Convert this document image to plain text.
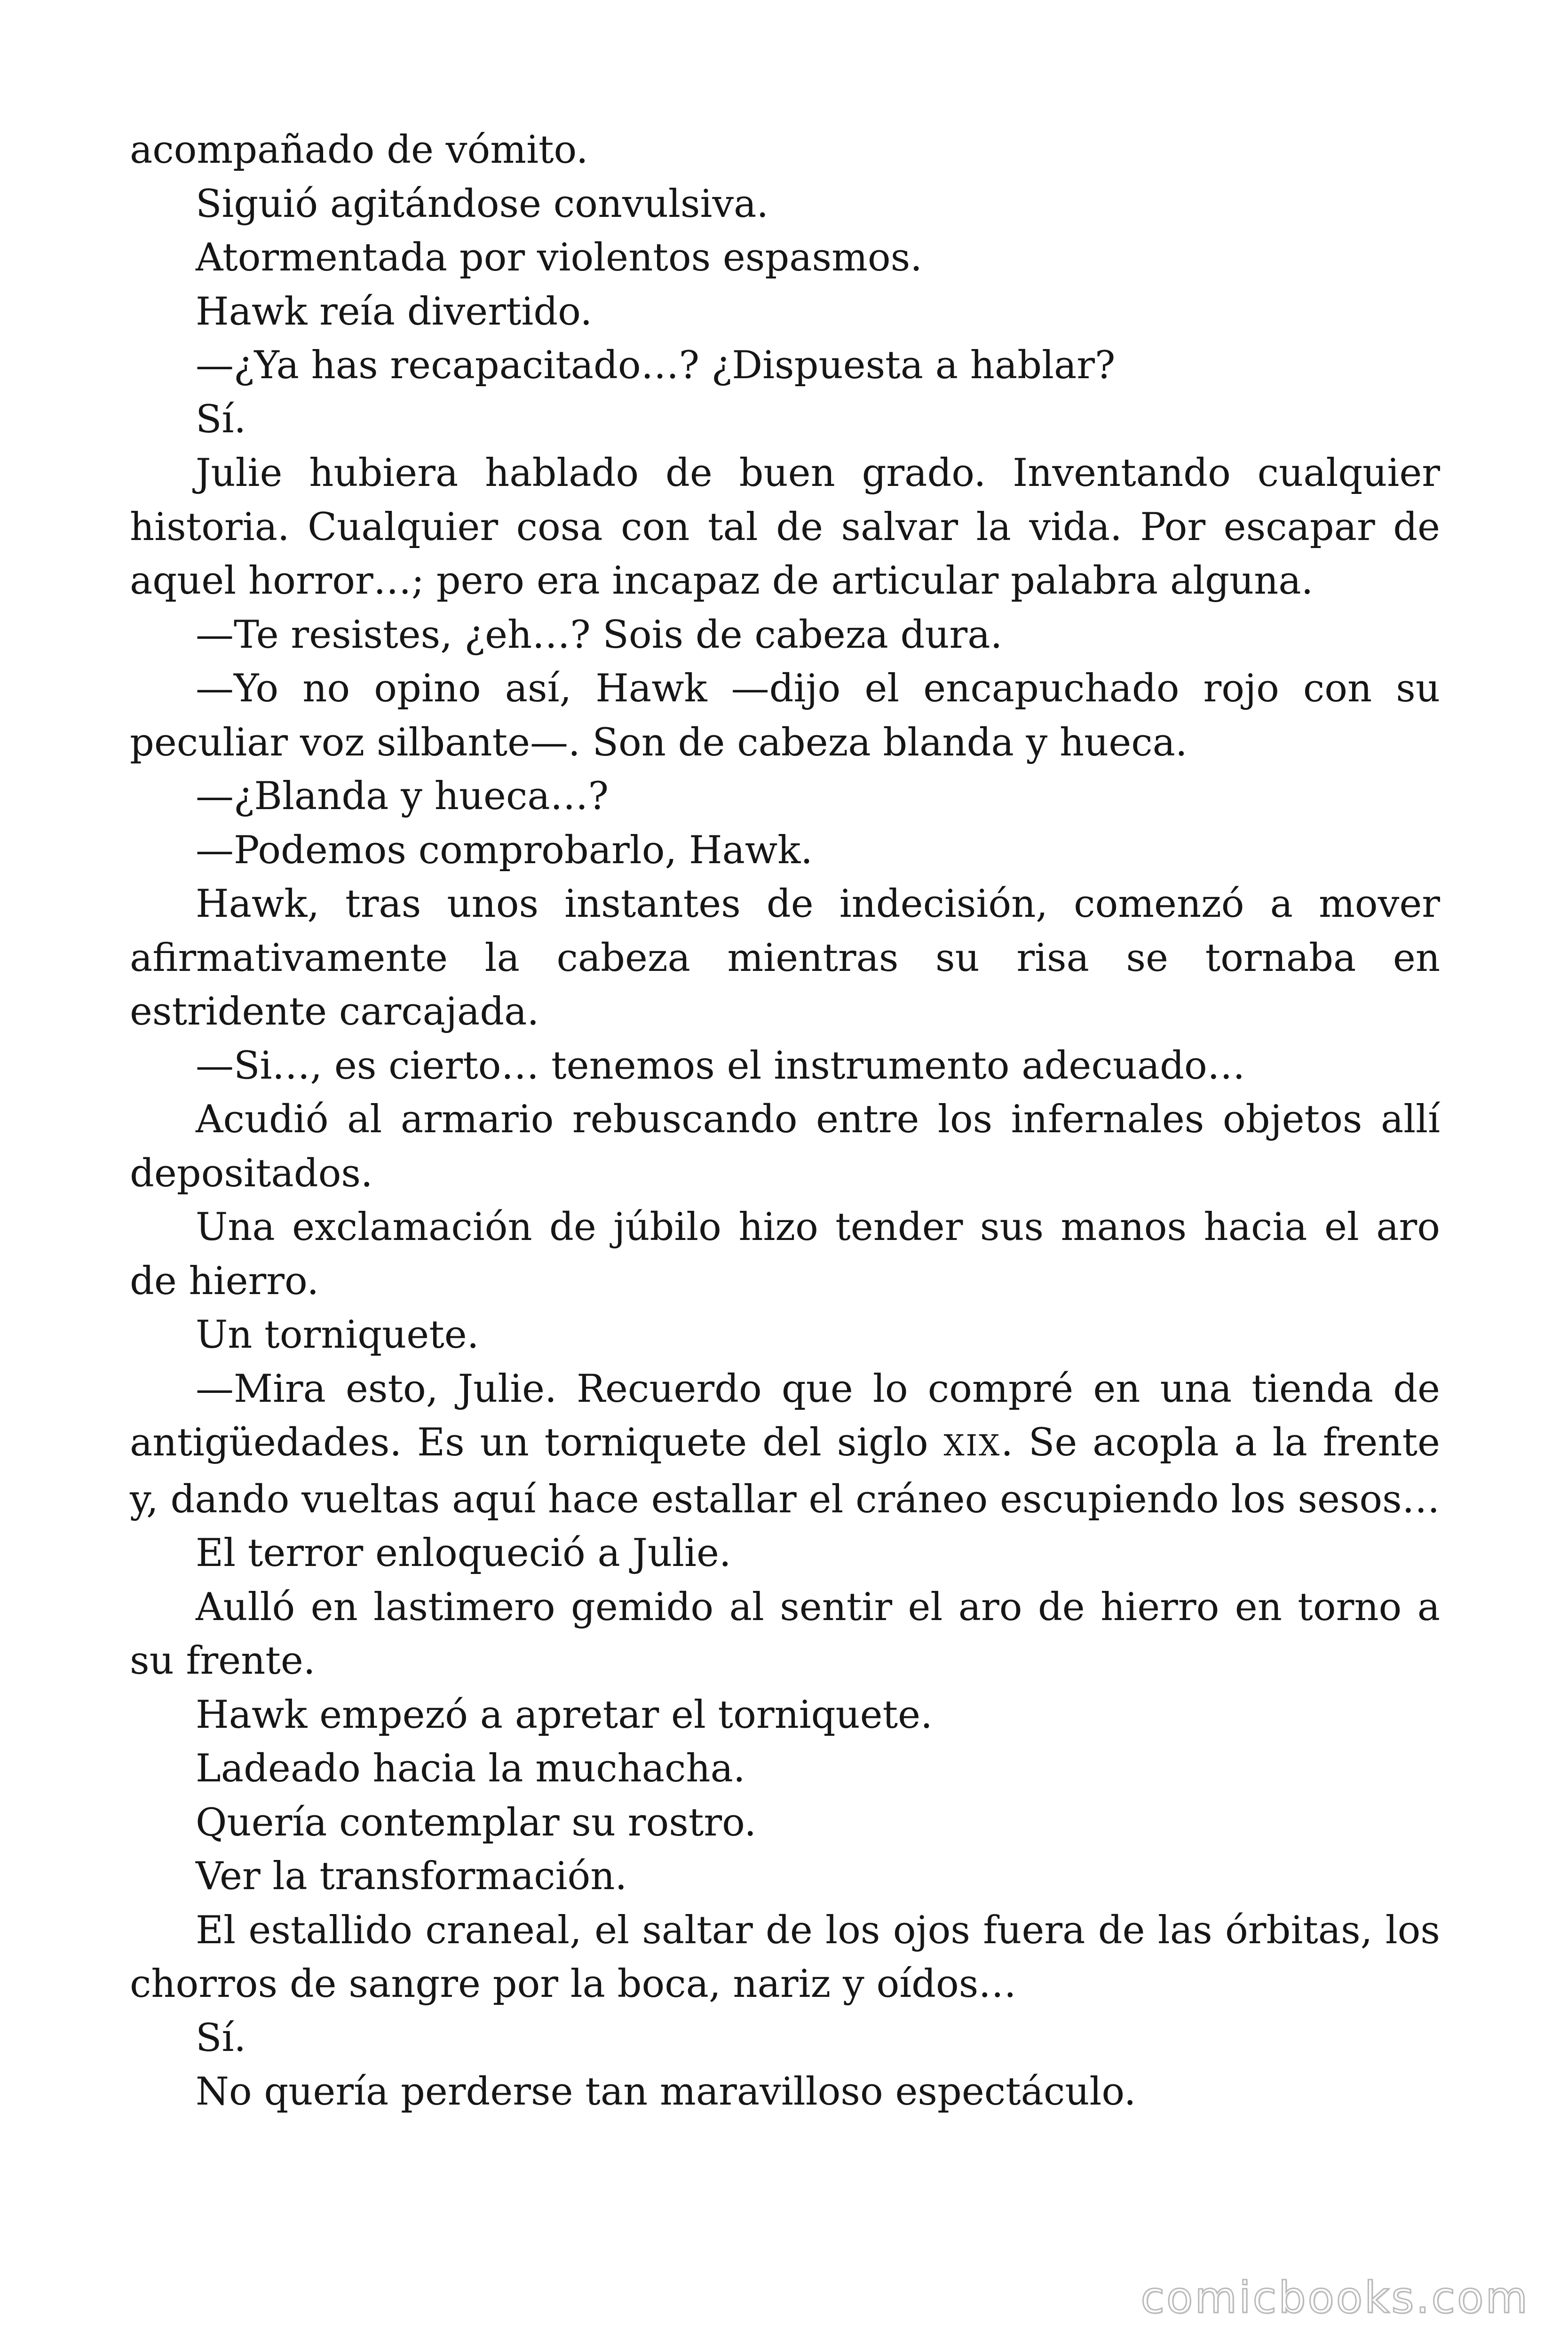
acompañado de vómito.

Siguió agitándose convulsiva.

Atormentada por violentos espasmos.

Hawk reía divertido.

—¿Ya has recapacitado…? ¿Dispuesta a hablar?

Sí.

Julie hubiera hablado de buen grado. Inventando cualquier historia. Cualquier cosa con tal de salvar la vida. Por escapar de aquel horror…; pero era incapaz de articular palabra alguna.

—Te resistes, ¿eh…? Sois de cabeza dura.

—Yo no opino así, Hawk —dijo el encapuchado rojo con su peculiar voz silbante—. Son de cabeza blanda y hueca.

—¿Blanda y hueca…?

—Podemos comprobarlo, Hawk.

Hawk, tras unos instantes de indecisión, comenzó a mover afirmativamente la cabeza mientras su risa se tornaba en estridente carcajada.

—Si…, es cierto… tenemos el instrumento adecuado…

Acudió al armario rebuscando entre los infernales objetos allí depositados.

Una exclamación de júbilo hizo tender sus manos hacia el aro de hierro.

Un torniquete.

—Mira esto, Julie. Recuerdo que lo compré en una tienda de antigüedades. Es un torniquete del siglo XIX. Se acopla a la frente y, dando vueltas aquí hace estallar el cráneo escupiendo los sesos…

El terror enloqueció a Julie.

Aulló en lastimero gemido al sentir el aro de hierro en torno a su frente.

Hawk empezó a apretar el torniquete.

Ladeado hacia la muchacha.

Quería contemplar su rostro.

Ver la transformación.

El estallido craneal, el saltar de los ojos fuera de las órbitas, los chorros de sangre por la boca, nariz y oídos…

Sí.

No quería perderse tan maravilloso espectáculo.

comicbooks.com
